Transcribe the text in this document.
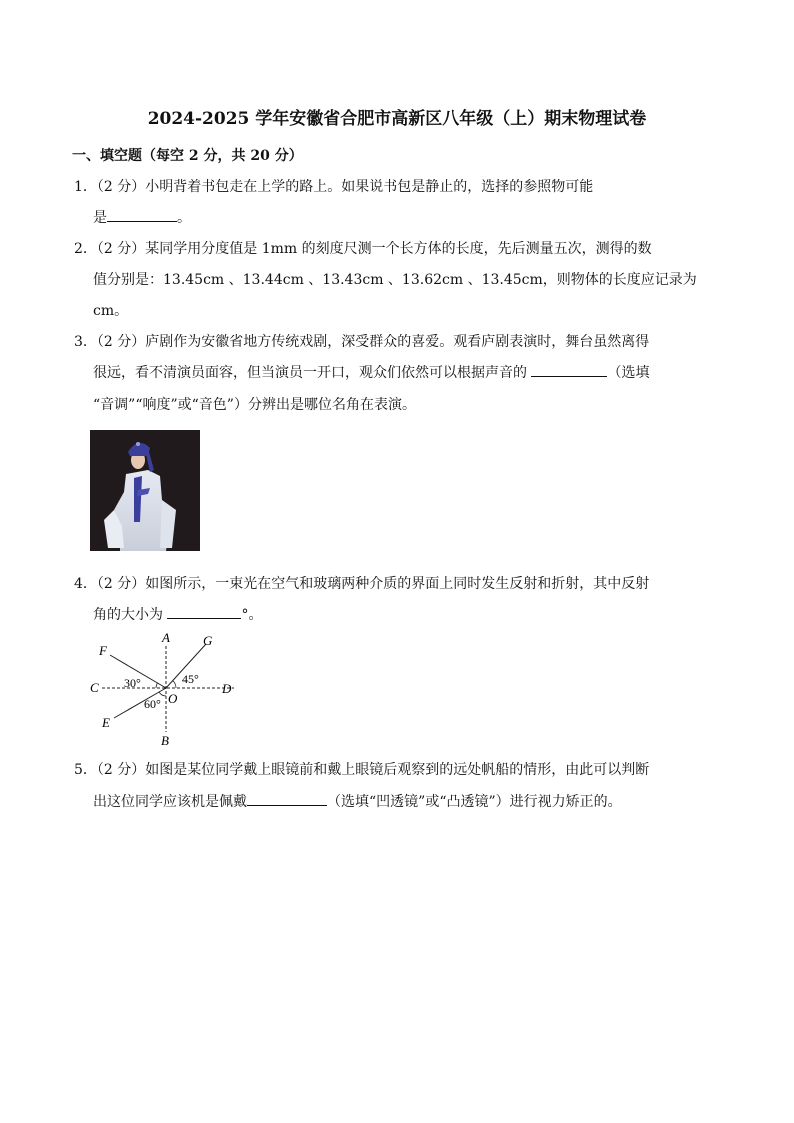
2024-2025 学年安徽省合肥市高新区八年级（上）期末物理试卷
一、填空题（每空 2 分，共 20 分）
1．（2 分）小明背着书包走在上学的路上。如果说书包是静止的，选择的参照物可能
是	。
2．（2 分）某同学用分度值是 1mm 的刻度尺测一个长方体的长度，先后测量五次，测得的数
值分别是：13.45cm 、13.44cm 、13.43cm 、13.62cm 、13.45cm，则物体的长度应记录为
cm。
3．（2 分）庐剧作为安徽省地方传统戏剧，深受群众的喜爱。观看庐剧表演时，舞台虽然离得
很远，看不清演员面容，但当演员一开口，观众们依然可以根据声音的	（选填
“音调”“响度”或“音色”）分辨出是哪位名角在表演。
4．（2 分）如图所示，一束光在空气和玻璃两种介质的界面上同时发生反射和折射，其中反射
角的大小为	°。
A
B
C	D
E
F
G
O
30°	45°
60°
5．（2 分）如图是某位同学戴上眼镜前和戴上眼镜后观察到的远处帆船的情形，由此可以判断
出这位同学应该机是佩戴	（选填“凹透镜”或“凸透镜”）进行视力矫正的。
